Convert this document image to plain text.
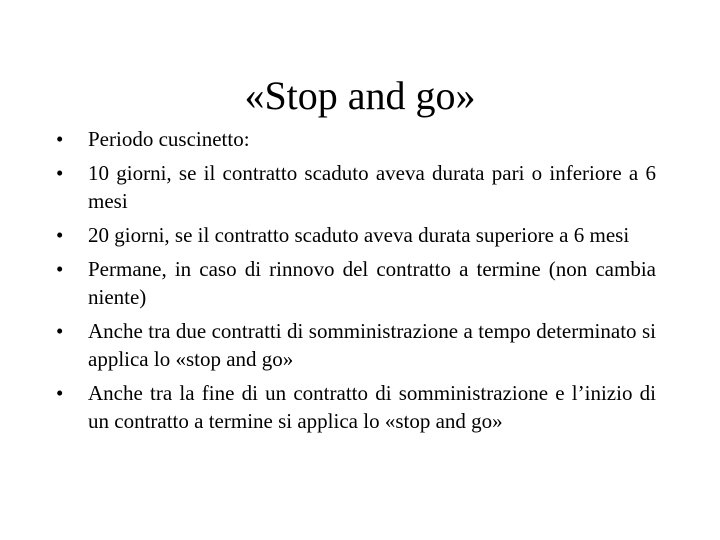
«Stop and go»
•	Periodo cuscinetto:
•	10 giorni, se il contratto scaduto aveva durata pari o inferiore a 6 mesi
•	20 giorni, se il contratto scaduto aveva durata superiore a 6 mesi
•	Permane, in caso di rinnovo del contratto a termine (non cambia niente)
•	Anche tra due contratti di somministrazione a tempo determinato si applica lo «stop and go»
•	Anche tra la fine di un contratto di somministrazione e l’inizio di un contratto a termine si applica lo «stop and go»
